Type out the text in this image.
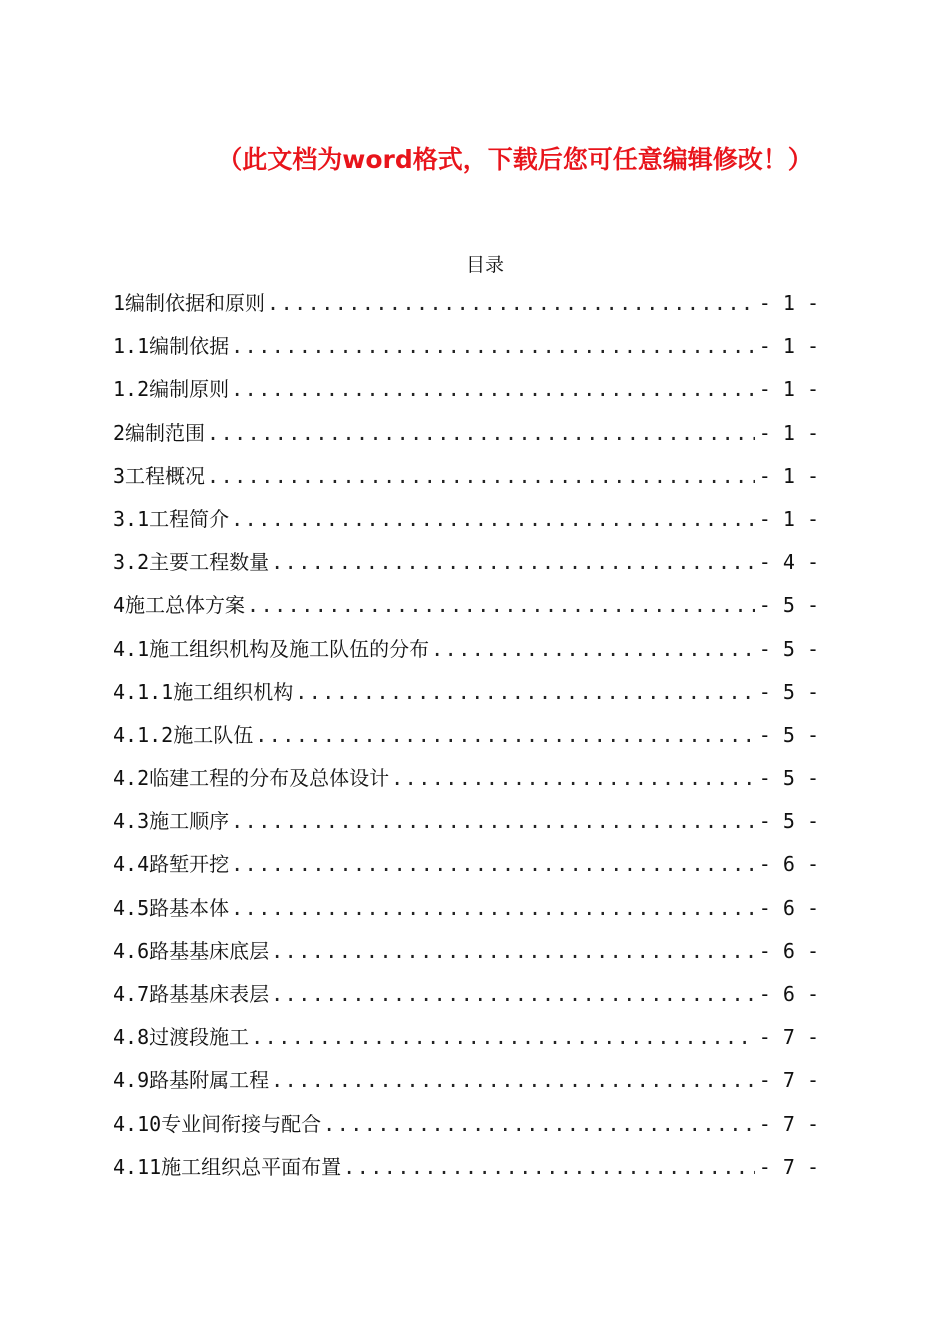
（此文档为word格式，下载后您可任意编辑修改！）
目录
1编制依据和原则 .....	- 1 -
1.1编制依据 .....	- 1 -
1.2编制原则 .....	- 1 -
2编制范围 .....	- 1 -
3工程概况 .....	- 1 -
3.1工程简介 .....	- 1 -
3.2主要工程数量 .....	- 4 -
4施工总体方案 .....	- 5 -
4.1施工组织机构及施工队伍的分布 .....	- 5 -
4.1.1施工组织机构 .....	- 5 -
4.1.2施工队伍 .....	- 5 -
4.2临建工程的分布及总体设计 .....	- 5 -
4.3施工顺序 .....	- 5 -
4.4路堑开挖 .....	- 6 -
4.5路基本体 .....	- 6 -
4.6路基基床底层 .....	- 6 -
4.7路基基床表层 .....	- 6 -
4.8过渡段施工 .....	- 7 -
4.9路基附属工程 .....	- 7 -
4.10专业间衔接与配合 .....	- 7 -
4.11施工组织总平面布置 .....	- 7 -
